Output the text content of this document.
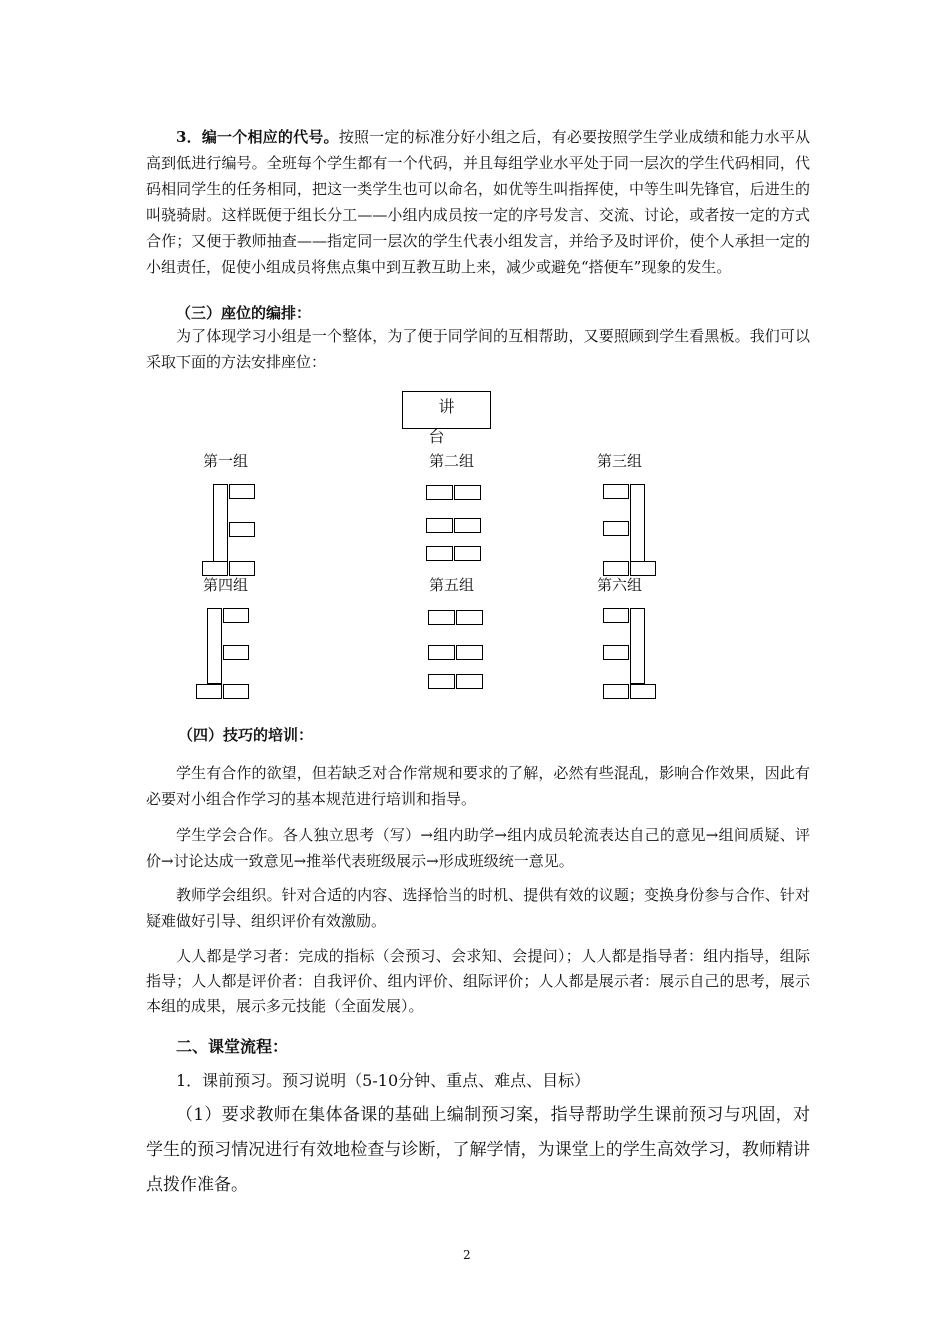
3．编一个相应的代号。按照一定的标准分好小组之后，有必要按照学生学业成绩和能力水平从高到低进行编号。全班每个学生都有一个代码，并且每组学业水平处于同一层次的学生代码相同，代码相同学生的任务相同，把这一类学生也可以命名，如优等生叫指挥使，中等生叫先锋官，后进生的叫骁骑尉。这样既便于组长分工——小组内成员按一定的序号发言、交流、讨论，或者按一定的方式合作；又便于教师抽查——指定同一层次的学生代表小组发言，并给予及时评价，使个人承担一定的小组责任，促使小组成员将焦点集中到互教互助上来，减少或避免“搭便车”现象的发生。
（三）座位的编排：
为了体现学习小组是一个整体，为了便于同学间的互相帮助，又要照顾到学生看黑板。我们可以采取下面的方法安排座位：
讲台
第一组	第二组	第三组
第四组	第五组	第六组
（四）技巧的培训：
学生有合作的欲望，但若缺乏对合作常规和要求的了解，必然有些混乱，影响合作效果，因此有必要对小组合作学习的基本规范进行培训和指导。
学生学会合作。各人独立思考（写）→组内助学→组内成员轮流表达自己的意见→组间质疑、评价→讨论达成一致意见→推举代表班级展示→形成班级统一意见。
教师学会组织。针对合适的内容、选择恰当的时机、提供有效的议题；变换身份参与合作、针对疑难做好引导、组织评价有效激励。
人人都是学习者：完成的指标（会预习、会求知、会提问）；人人都是指导者：组内指导，组际指导；人人都是评价者：自我评价、组内评价、组际评价；人人都是展示者：展示自己的思考，展示本组的成果，展示多元技能（全面发展）。
二、课堂流程：
1．课前预习。预习说明（5-10分钟、重点、难点、目标）
（1）要求教师在集体备课的基础上编制预习案，指导帮助学生课前预习与巩固，对学生的预习情况进行有效地检查与诊断，了解学情，为课堂上的学生高效学习，教师精讲点拨作准备。
2
